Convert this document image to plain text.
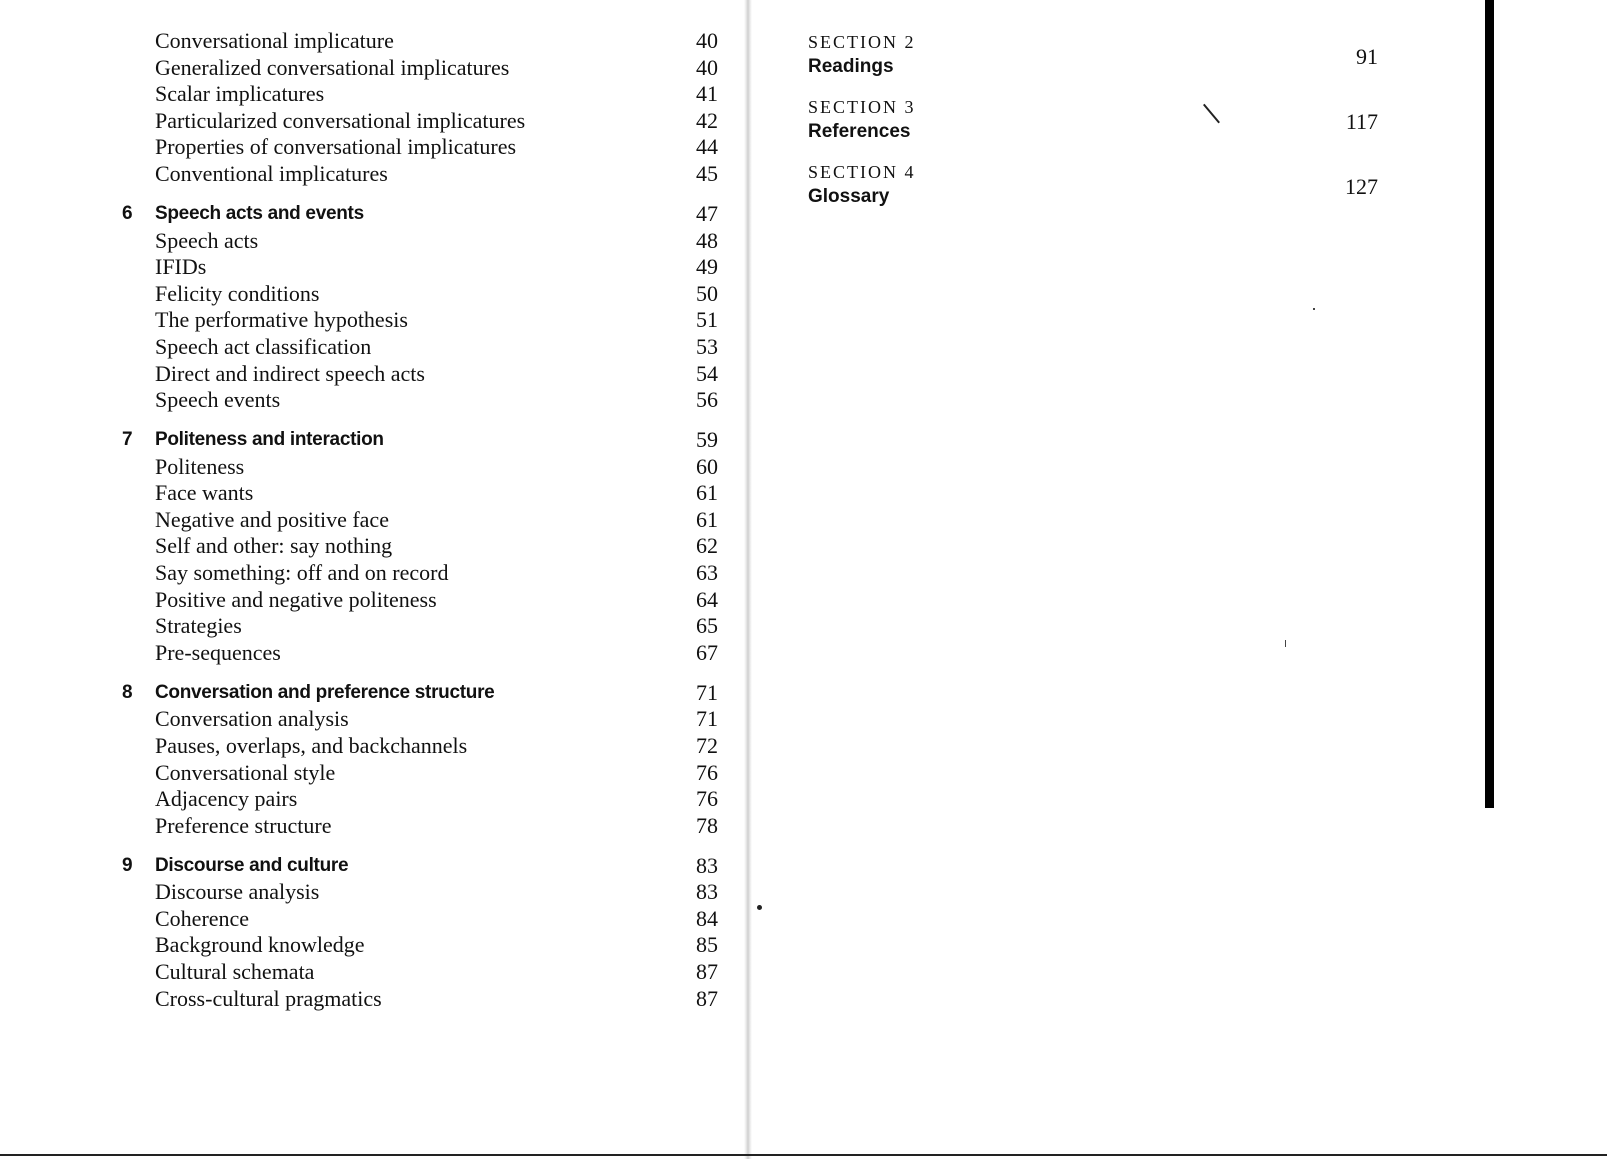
Conversational implicature	40
Generalized conversational implicatures	40
Scalar implicatures	41
Particularized conversational implicatures	42
Properties of conversational implicatures	44
Conventional implicatures	45
6 Speech acts and events	47
Speech acts	48
IFIDs	49
Felicity conditions	50
The performative hypothesis	51
Speech act classification	53
Direct and indirect speech acts	54
Speech events	56
7 Politeness and interaction	59
Politeness	60
Face wants	61
Negative and positive face	61
Self and other: say nothing	62
Say something: off and on record	63
Positive and negative politeness	64
Strategies	65
Pre-sequences	67
8 Conversation and preference structure	71
Conversation analysis	71
Pauses, overlaps, and backchannels	72
Conversational style	76
Adjacency pairs	76
Preference structure	78
9 Discourse and culture	83
Discourse analysis	83
Coherence	84
Background knowledge	85
Cultural schemata	87
Cross-cultural pragmatics	87
SECTION 2
Readings	91
SECTION 3
References	117
SECTION 4
Glossary	127
